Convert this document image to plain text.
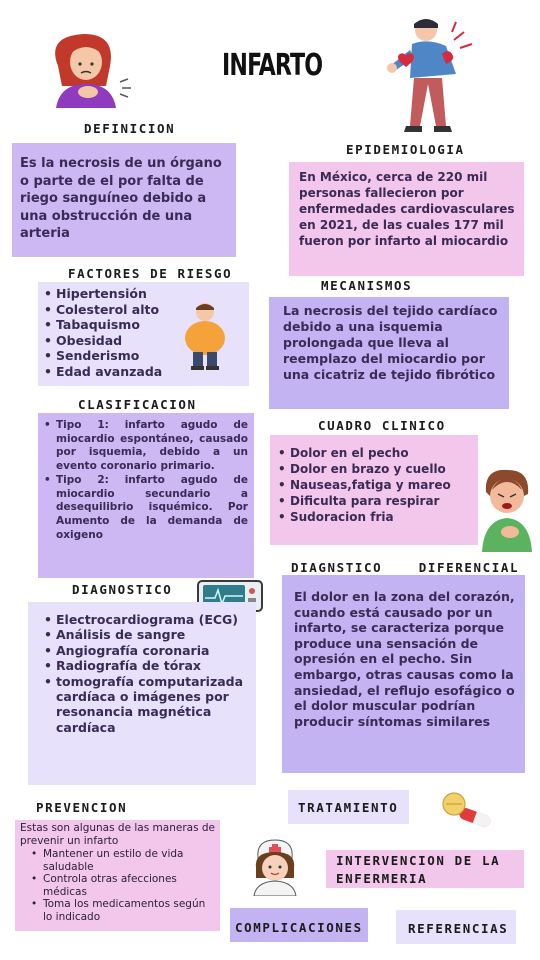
INFARTO
DEFINICION
Es la necrosis de un órgano o parte de el por falta de riego sanguíneo debido a una obstrucción de una arteria
EPIDEMIOLOGIA
En México, cerca de 220 mil personas fallecieron por enfermedades cardiovasculares en 2021, de las cuales 177 mil fueron por infarto al miocardio
FACTORES DE RIESGO
• Hipertensión
• Colesterol alto
• Tabaquismo
• Obesidad
• Senderismo
• Edad avanzada
MECANISMOS
La necrosis del tejido cardíaco debido a una isquemia prolongada que lleva al reemplazo del miocardio por una cicatriz de tejido fibrótico
CLASIFICACION
• Tipo 1: infarto agudo de miocardio espontáneo, causado por isquemia, debido a un evento coronario primario.
• Tipo 2: infarto agudo de miocardio secundario a desequilibrio isquémico. Por Aumento de la demanda de oxigeno
CUADRO CLINICO
• Dolor en el pecho
• Dolor en brazo y cuello
• Nauseas,fatiga y mareo
• Dificulta para respirar
• Sudoracion fria
DIAGNOSTICO
• Electrocardiograma (ECG)
• Análisis de sangre
• Angiografía coronaria
• Radiografía de tórax
• tomografía computarizada cardíaca o imágenes por resonancia magnética cardíaca
DIAGNSTICO    DIFERENCIAL
El dolor en la zona del corazón, cuando está causado por un infarto, se caracteriza porque produce una sensación de opresión en el pecho. Sin embargo, otras causas como la ansiedad, el reflujo esofágico o el dolor muscular podrían producir síntomas similares
PREVENCION
Estas son algunas de las maneras de prevenir un infarto
• Mantener un estilo de vida saludable
• Controla otras afecciones médicas
• Toma los medicamentos según lo indicado
TRATAMIENTO
INTERVENCION DE LA ENFERMERIA
COMPLICACIONES	REFERENCIAS
